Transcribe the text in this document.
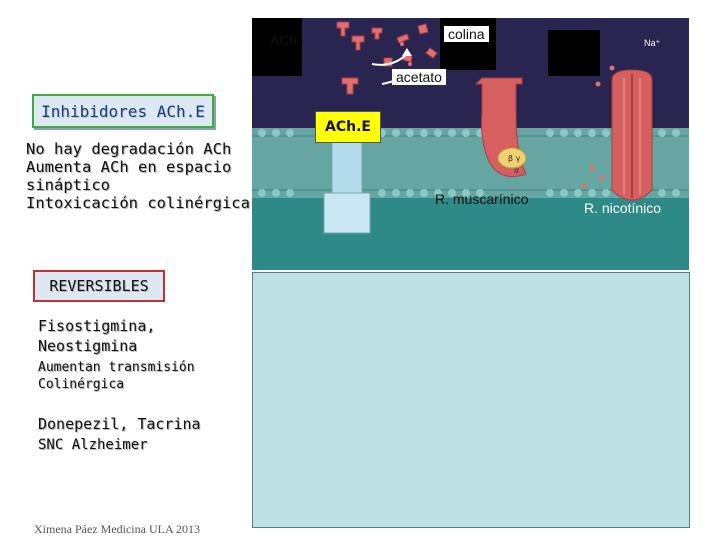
Inhibidores ACh.E
No hay degradación ACh
Aumenta ACh en espacio
sináptico
Intoxicación colinérgica
REVERSIBLES
Fisostigmina,
Neostigmina
Aumentan transmisión
Colinérgica
Donepezil, Tacrina
SNC Alzheimer
Ximena Páez Medicina ULA 2013
β γ
α
ACh	colina
Na⁺
acetato
R. muscarínico
ACh.E
R. nicotínico
